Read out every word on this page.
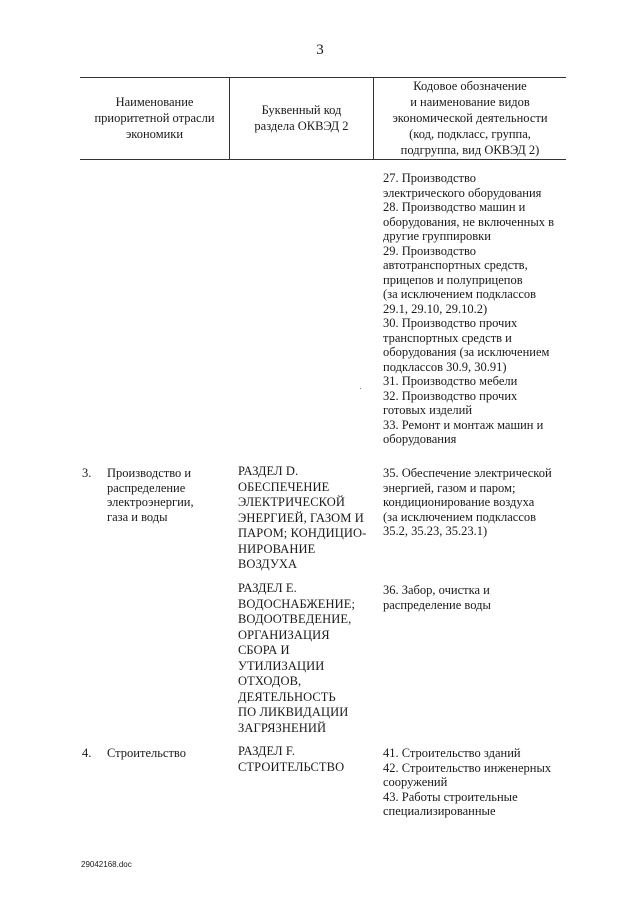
3
Наименование
приоритетной отрасли
экономики
Буквенный код
раздела ОКВЭД 2
Кодовое обозначение
и наименование видов
экономической деятельности
(код, подкласс, группа,
подгруппа, вид ОКВЭД 2)
27. Производство
электрического оборудования
28. Производство машин и
оборудования, не включенных в
другие группировки
29. Производство
автотранспортных средств,
прицепов и полуприцепов
(за исключением подклассов
29.1, 29.10, 29.10.2)
30. Производство прочих
транспортных средств и
оборудования (за исключением
подклассов 30.9, 30.91)
31. Производство мебели
32. Производство прочих
готовых изделий
33. Ремонт и монтаж машин и
оборудования
3. Производство и
распределение
электроэнергии,
газа и воды
РАЗДЕЛ D.
ОБЕСПЕЧЕНИЕ
ЭЛЕКТРИЧЕСКОЙ
ЭНЕРГИЕЙ, ГАЗОМ И
ПАРОМ; КОНДИЦИО-
НИРОВАНИЕ
ВОЗДУХА
35. Обеспечение электрической
энергией, газом и паром;
кондиционирование воздуха
(за исключением подклассов
35.2, 35.23, 35.23.1)
РАЗДЕЛ Е.
ВОДОСНАБЖЕНИЕ;
ВОДООТВЕДЕНИЕ,
ОРГАНИЗАЦИЯ
СБОРА И
УТИЛИЗАЦИИ
ОТХОДОВ,
ДЕЯТЕЛЬНОСТЬ
ПО ЛИКВИДАЦИИ
ЗАГРЯЗНЕНИЙ
36. Забор, очистка и
распределение воды
4. Строительство	РАЗДЕЛ F.
СТРОИТЕЛЬСТВО
41. Строительство зданий
42. Строительство инженерных
сооружений
43. Работы строительные
специализированные
29042168.doc
